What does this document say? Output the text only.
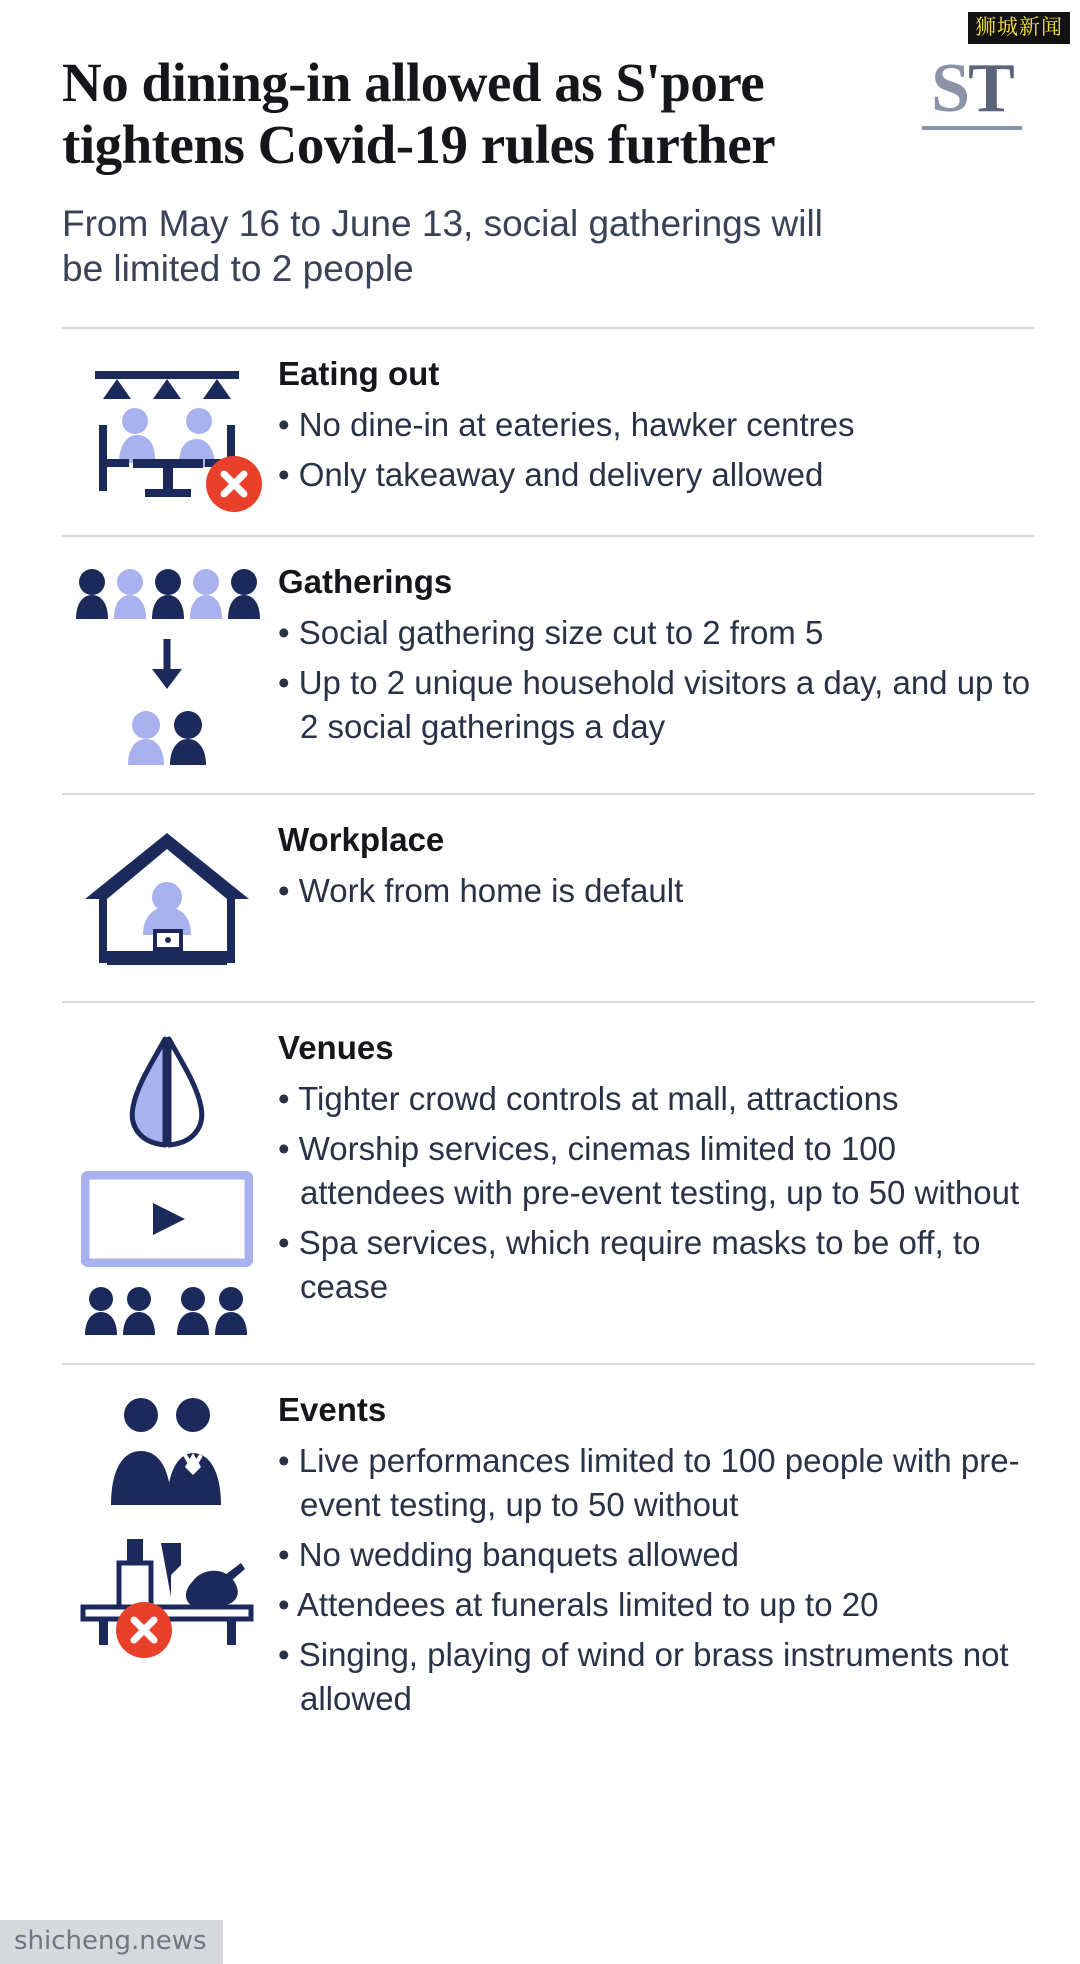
狮城新闻
ST
No dining-in allowed as S'pore tightens Covid-19 rules further

From May 16 to June 13, social gatherings will be limited to 2 people

Eating out
• No dine-in at eateries, hawker centres
• Only takeaway and delivery allowed
Gatherings
• Social gathering size cut to 2 from 5
• Up to 2 unique household visitors a day, and up to 2 social gatherings a day
Workplace
• Work from home is default
Venues
• Tighter crowd controls at mall, attractions
• Worship services, cinemas limited to 100 attendees with pre-event testing, up to 50 without
• Spa services, which require masks to be off, to cease
Events
• Live performances limited to 100 people with pre-event testing, up to 50 without
• No wedding banquets allowed
• Attendees at funerals limited to up to 20
• Singing, playing of wind or brass instruments not allowed
shicheng.news
